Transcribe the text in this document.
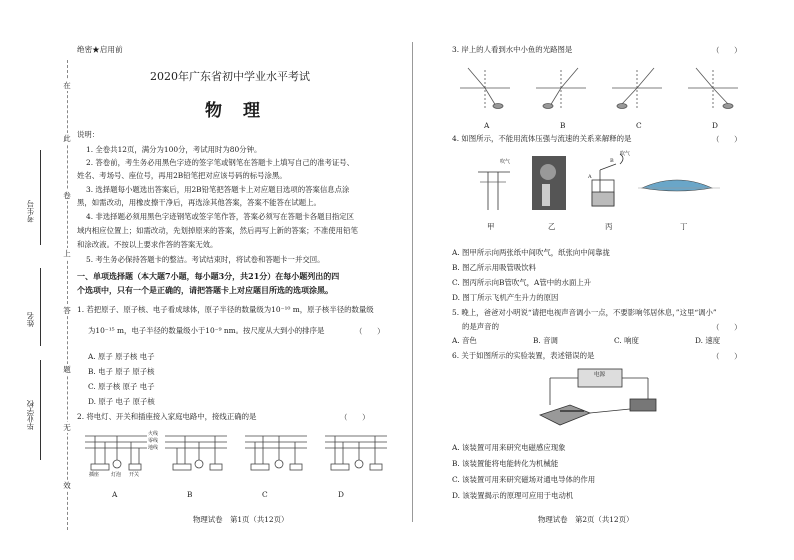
在
此
卷
上
答
题
无
效
考生号
姓名
毕业学校
绝密★启用前
2020年广东省初中学业水平考试
物　理
说明：
1. 全卷共12页，满分为100分，考试用时为80分钟。
2. 答卷前，考生务必用黑色字迹的签字笔或钢笔在答题卡上填写自己的准考证号、
姓名、考场号、座位号，再用2B铅笔把对应该号码的标号涂黑。
3. 选择题每小题选出答案后，用2B铅笔把答题卡上对应题目选项的答案信息点涂
黑，如需改动，用橡皮擦干净后，再选涂其他答案，答案不能答在试题上。
4. 非选择题必须用黑色字迹钢笔或签字笔作答，答案必须写在答题卡各题目指定区
域内相应位置上；如需改动，先划掉原来的答案，然后再写上新的答案；不准使用铅笔
和涂改液。不按以上要求作答的答案无效。
5. 考生务必保持答题卡的整洁。考试结束时，将试卷和答题卡一并交回。
一、单项选择题（本大题7小题，每小题3分，共21分）在每小题列出的四
个选项中，只有一个是正确的，请把答题卡上对应题目所选的选项涂黑。
1. 若把原子、原子核、电子看成球体，原子半径的数量级为10⁻¹⁰ m，原子核半径的数量级
为10⁻¹⁵ m，电子半径的数量级小于10⁻⁹ nm。按尺度从大到小的排序是	（　　）
A. 原子 原子核 电子
B. 电子 原子 原子核
C. 原子核 原子 电子
D. 原子 电子 原子核
2. 将电灯、开关和插座接入家庭电路中，接线正确的是	（　　）
火线
零线
地线
插座 灯泡 开关
A	B	C	D
物理试卷　第1页（共12页）
3. 岸上的人看到水中小鱼的光路图是	（　　）
A	B	C	D
4. 如图所示，不能用流体压强与流速的关系来解释的是	（　　）
吹气
吹气
A
B
甲	乙	丙	丁
A. 图甲所示向两张纸中间吹气，纸张向中间靠拢
B. 图乙所示用吸管吸饮料
C. 图丙所示向B管吹气，A管中的水面上升
D. 图丁所示飞机产生升力的原因
5. 晚上，爸爸对小明说“请把电视声音调小一点，不要影响邻居休息，”这里“调小”
的是声音的	（　　）
A. 音色	B. 音调	C. 响度	D. 速度
6. 关于如图所示的实验装置，表述错误的是	（　　）
电源
A. 该装置可用来研究电磁感应现象
B. 该装置能将电能转化为机械能
C. 该装置可用来研究磁场对通电导体的作用
D. 该装置揭示的原理可应用于电动机
物理试卷　第2页（共12页）
